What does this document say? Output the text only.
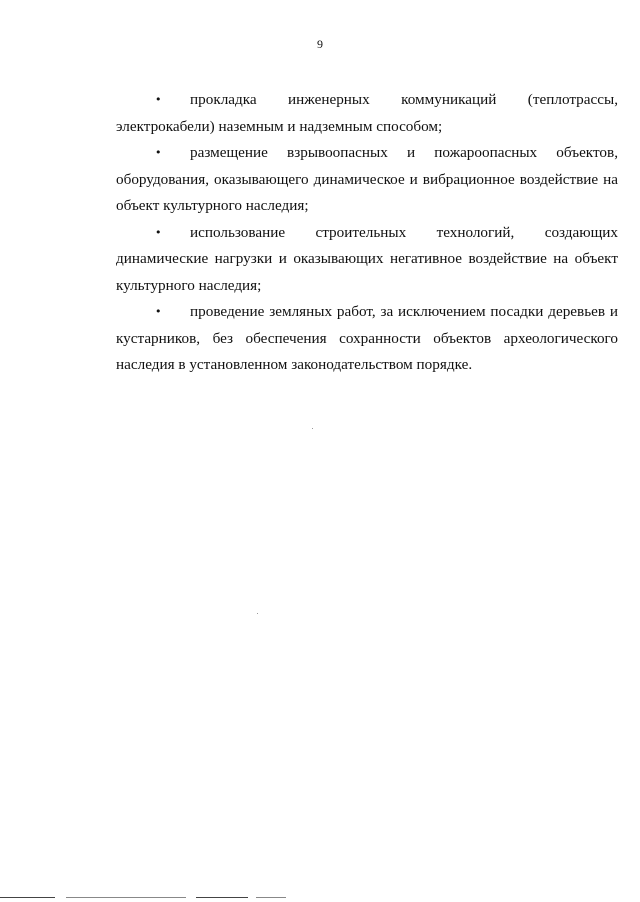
9
•	прокладка инженерных коммуникаций (теплотрассы,
электрокабели) наземным и надземным способом;
•	размещение взрывоопасных и пожароопасных объектов,
оборудования, оказывающего динамическое и вибрационное воздействие на объект культурного наследия;
•	использование строительных технологий, создающих
динамические нагрузки и оказывающих негативное воздействие на объект культурного наследия;
•	проведение земляных работ, за исключением посадки деревьев и
кустарников, без обеспечения сохранности объектов археологического наследия в установленном законодательством порядке.
